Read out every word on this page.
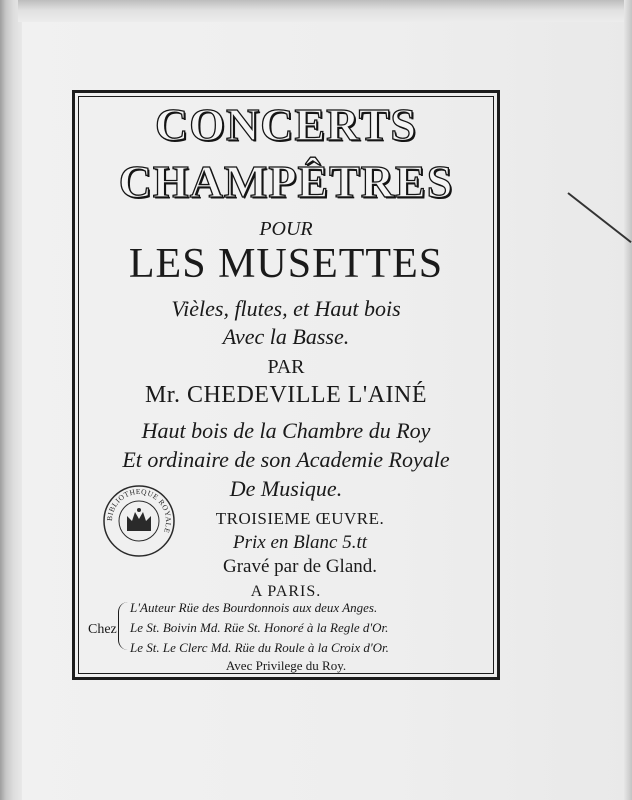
CONCERTS
CHAMPÊTRES
POUR
LES MUSETTES
Vièles, flutes, et Haut bois
Avec la Basse.
PAR
Mr. CHEDEVILLE L'AINÉ
Haut bois de la Chambre du Roy
Et ordinaire de son Academie Royale
De Musique.
BIBLIOTHEQUE ROYALE
TROISIEME ŒUVRE.
Prix en Blanc 5.tt
Gravé par de Gland.
A PARIS.
Chez
L'Auteur Rüe des Bourdonnois aux deux Anges.
Le St. Boivin Md. Rüe St. Honoré à la Regle d'Or.
Le St. Le Clerc Md. Rüe du Roule à la Croix d'Or.
Avec Privilege du Roy.
